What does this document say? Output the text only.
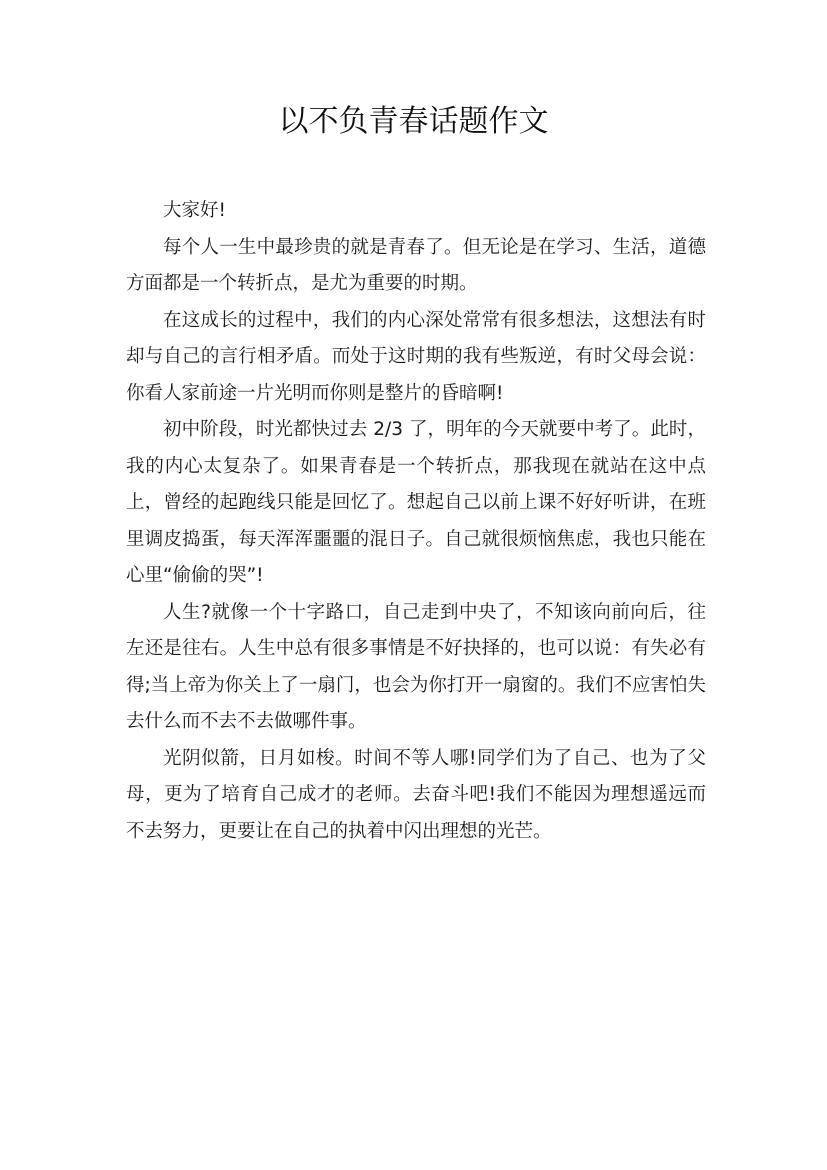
以不负青春话题作文

大家好!

每个人一生中最珍贵的就是青春了。但无论是在学习、生活，道德方面都是一个转折点，是尤为重要的时期。

在这成长的过程中，我们的内心深处常常有很多想法，这想法有时却与自己的言行相矛盾。而处于这时期的我有些叛逆，有时父母会说：你看人家前途一片光明而你则是整片的昏暗啊!

初中阶段，时光都快过去 2/3 了，明年的今天就要中考了。此时，我的内心太复杂了。如果青春是一个转折点，那我现在就站在这中点上，曾经的起跑线只能是回忆了。想起自己以前上课不好好听讲，在班里调皮捣蛋，每天浑浑噩噩的混日子。自己就很烦恼焦虑，我也只能在心里“偷偷的哭”!

人生?就像一个十字路口，自己走到中央了，不知该向前向后，往左还是往右。人生中总有很多事情是不好抉择的，也可以说：有失必有得;当上帝为你关上了一扇门，也会为你打开一扇窗的。我们不应害怕失去什么而不去不去做哪件事。

光阴似箭，日月如梭。时间不等人哪!同学们为了自己、也为了父母，更为了培育自己成才的老师。去奋斗吧!我们不能因为理想遥远而不去努力，更要让在自己的执着中闪出理想的光芒。
